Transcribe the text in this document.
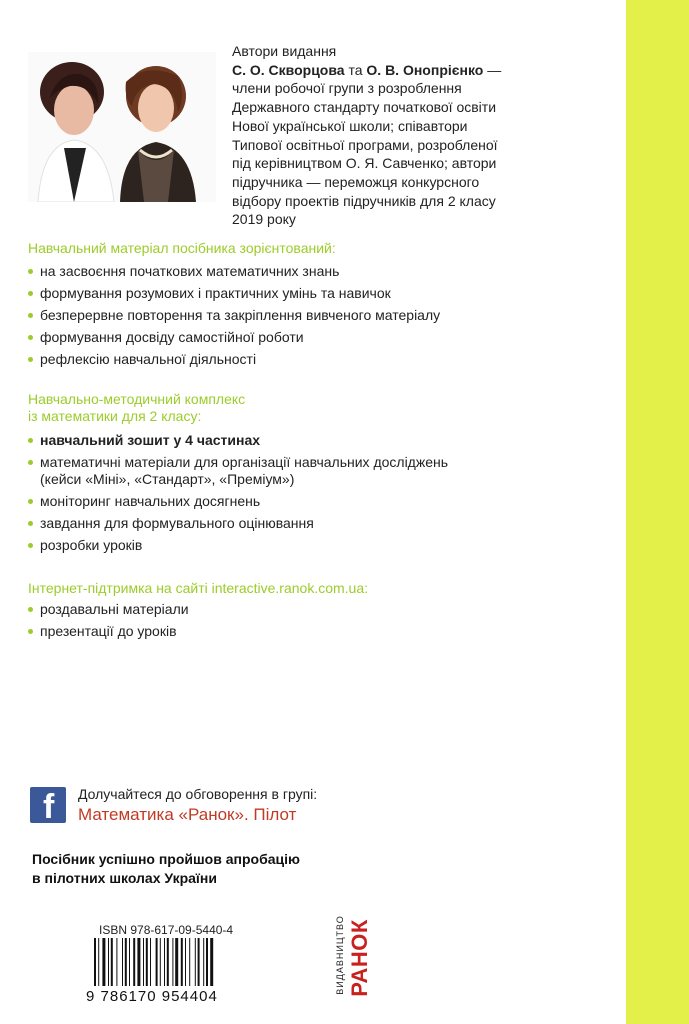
Автори видання
С. О. Скворцова та О. В. Онопрієнко —
члени робочої групи з розроблення
Державного стандарту початкової освіти
Нової української школи; співавтори
Типової освітньої програми, розробленої
під керівництвом О. Я. Савченко; автори
підручника — переможця конкурсного
відбору проектів підручників для 2 класу
2019 року
Навчальний матеріал посібника зорієнтований:
на засвоєння початкових математичних знань
формування розумових і практичних умінь та навичок
безперервне повторення та закріплення вивченого матеріалу
формування досвіду самостійної роботи
рефлексію навчальної діяльності
Навчально-методичний комплекс
із математики для 2 класу:
навчальний зошит у 4 частинах
математичні матеріали для організації навчальних досліджень
(кейси «Міні», «Стандарт», «Преміум»)
моніторинг навчальних досягнень
завдання для формувального оцінювання
розробки уроків
Інтернет-підтримка на сайті interactive.ranok.com.ua:
роздавальні матеріали
презентації до уроків
f Долучайтеся до обговорення в групі:
Математика «Ранок». Пілот
Посібник успішно пройшов апробацію
в пілотних школах України
ISBN 978-617-09-5440-4
9 786170 954404
ВИДАВНИЦТВО РАНОК
